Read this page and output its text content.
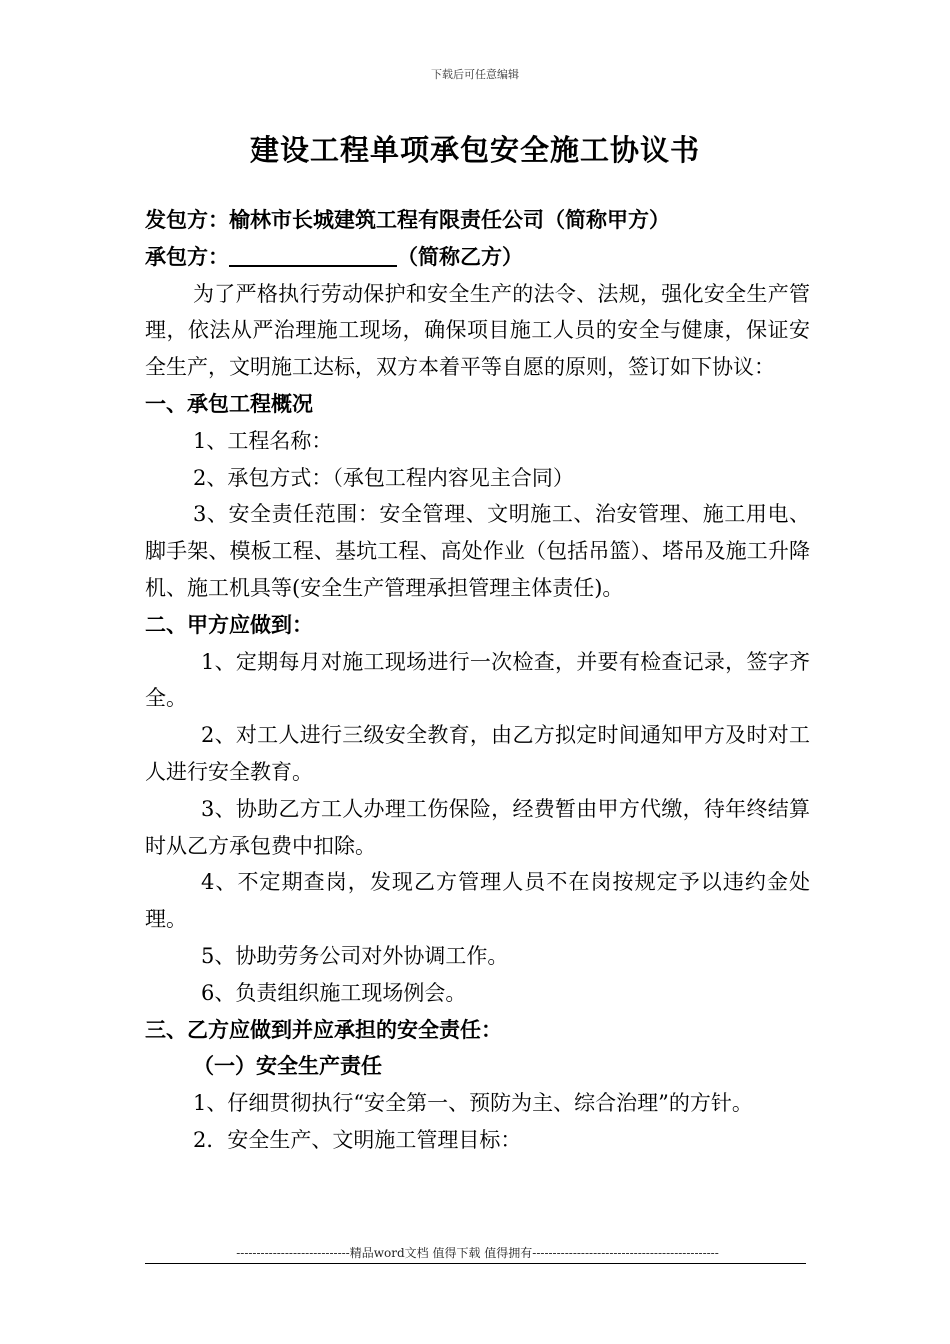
下载后可任意编辑
建设工程单项承包安全施工协议书

发包方：榆林市长城建筑工程有限责任公司（简称甲方）

承包方：	（简称乙方）

为了严格执行劳动保护和安全生产的法令、法规，强化安全生产管理，依法从严治理施工现场，确保项目施工人员的安全与健康，保证安全生产，文明施工达标，双方本着平等自愿的原则，签订如下协议：

一、承包工程概况

1、工程名称：

2、承包方式：（承包工程内容见主合同）

3、安全责任范围：安全管理、文明施工、治安管理、施工用电、脚手架、模板工程、基坑工程、高处作业（包括吊篮）、塔吊及施工升降机、施工机具等(安全生产管理承担管理主体责任)。

二、甲方应做到：

1、定期每月对施工现场进行一次检查，并要有检查记录，签字齐全。

2、对工人进行三级安全教育，由乙方拟定时间通知甲方及时对工人进行安全教育。

3、协助乙方工人办理工伤保险，经费暂由甲方代缴，待年终结算时从乙方承包费中扣除。

4、不定期查岗，发现乙方管理人员不在岗按规定予以违约金处理。

5、协助劳务公司对外协调工作。

6、负责组织施工现场例会。

三、乙方应做到并应承担的安全责任：

（一）安全生产责任

1、仔细贯彻执行“安全第一、预防为主、综合治理”的方针。

2．安全生产、文明施工管理目标：

----------------------------精品word文档 值得下载 值得拥有----------------------------------------------
